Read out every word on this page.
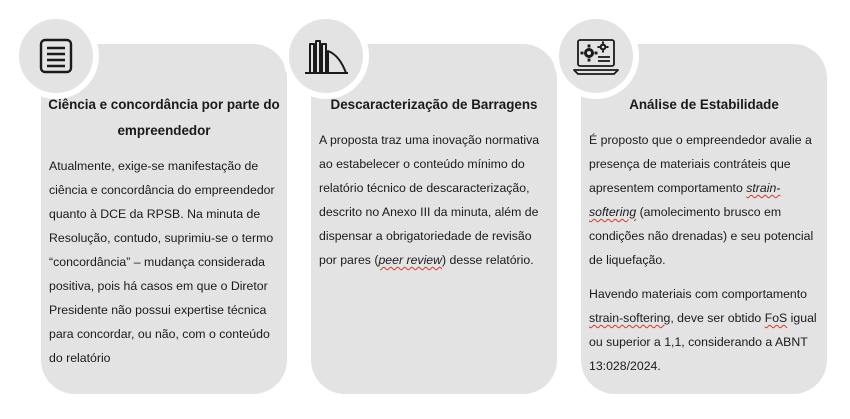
Ciência e concordância por parte do empreendedor

Atualmente, exige-se manifestação de ciência e concordância do empreendedor quanto à DCE da RPSB. Na minuta de Resolução, contudo, suprimiu-se o termo “concordância” – mudança considerada positiva, pois há casos em que o Diretor Presidente não possui expertise técnica para concordar, ou não, com o conteúdo do relatório

Descaracterização de Barragens

A proposta traz uma inovação normativa ao estabelecer o conteúdo mínimo do relatório técnico de descaracterização, descrito no Anexo III da minuta, além de dispensar a obrigatoriedade de revisão por pares (peer review) desse relatório.

Análise de Estabilidade

É proposto que o empreendedor avalie a presença de materiais contráteis que apresentem comportamento strain-softering (amolecimento brusco em condições não drenadas) e seu potencial de liquefação.

Havendo materiais com comportamento strain-softering, deve ser obtido FoS igual ou superior a 1,1, considerando a ABNT 13:028/2024.
